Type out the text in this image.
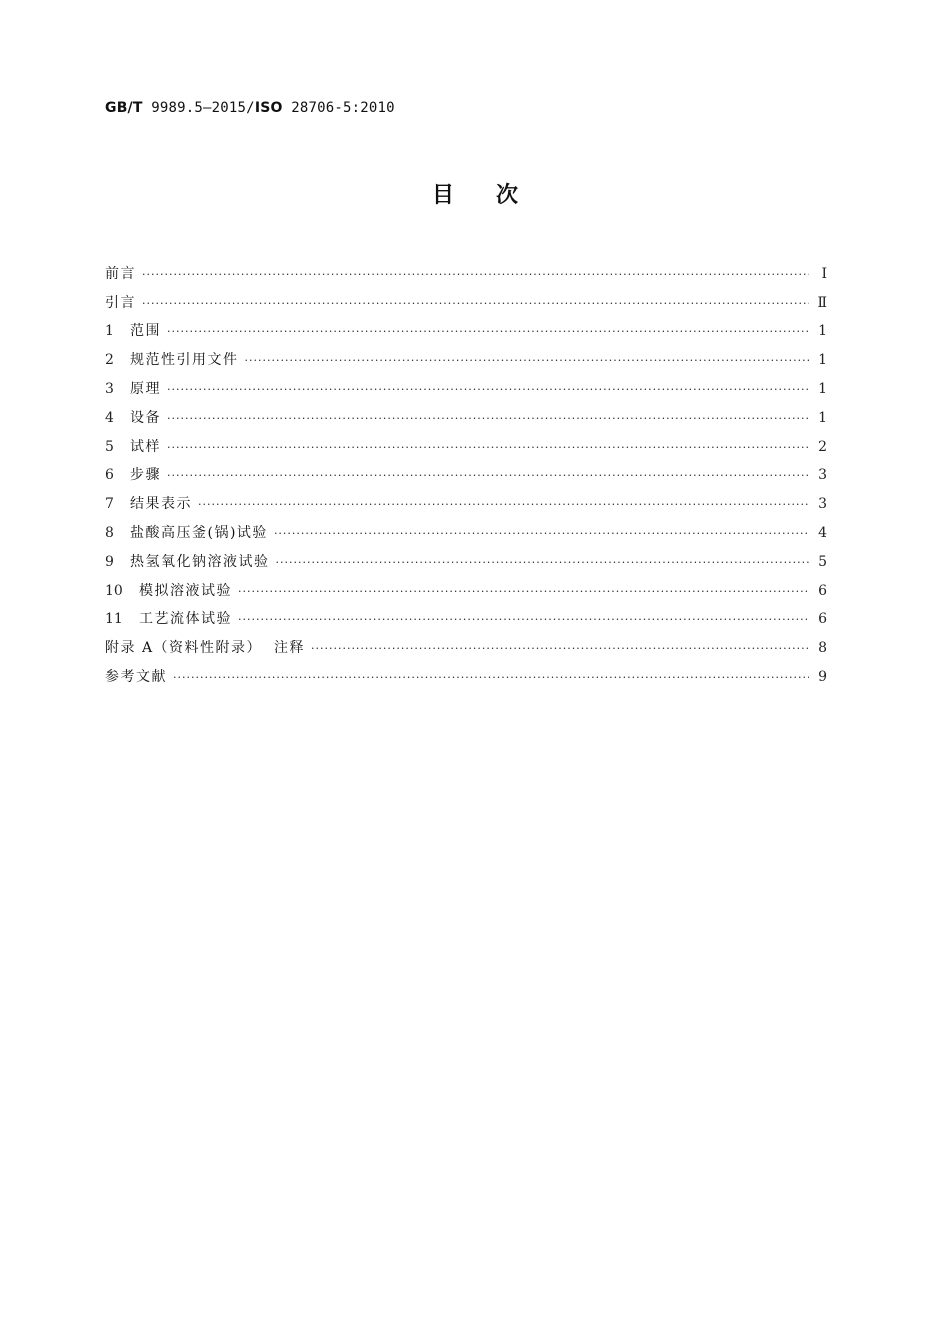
GB/T 9989.5—2015/ISO 28706-5:2010
目次
前言 ·····	Ⅰ
引言 ·····	Ⅱ
1	范围 ·····	1
2	规范性引用文件 ·····	1
3	原理 ·····	1
4	设备 ·····	1
5	试样 ·····	2
6	步骤 ·····	3
7	结果表示 ·····	3
8	盐酸高压釜(锅)试验 ·····	4
9	热氢氧化钠溶液试验 ·····	5
10	模拟溶液试验 ·····	6
11	工艺流体试验 ·····	6
附录 A（资料性附录）  注释 ·····	8
参考文献 ·····	9
